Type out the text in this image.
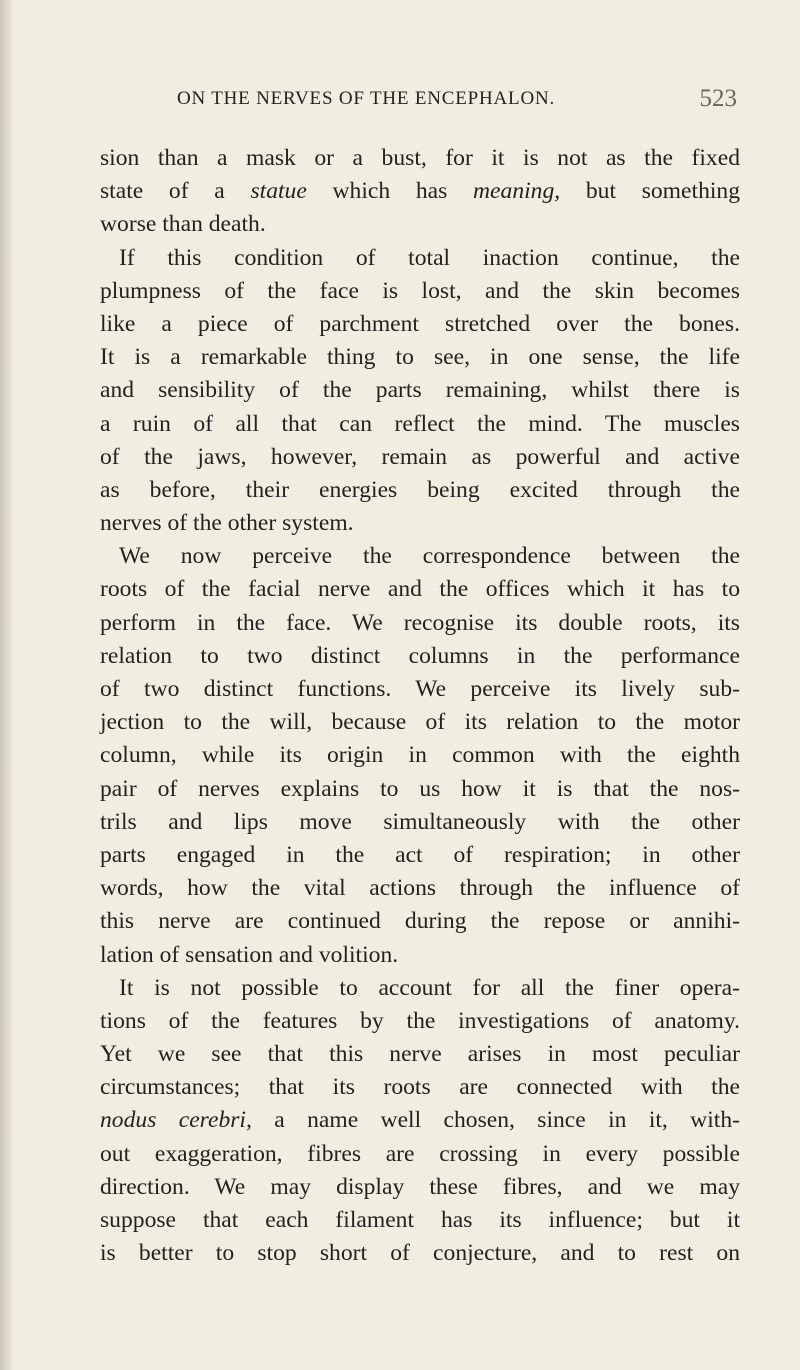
ON THE NERVES OF THE ENCEPHALON.	523
sion than a mask or a bust, for it is not as the fixed
state of a statue which has meaning, but something
worse than death.
If this condition of total inaction continue, the
plumpness of the face is lost, and the skin becomes
like a piece of parchment stretched over the bones.
It is a remarkable thing to see, in one sense, the life
and sensibility of the parts remaining, whilst there is
a ruin of all that can reflect the mind. The muscles
of the jaws, however, remain as powerful and active
as before, their energies being excited through the
nerves of the other system.
We now perceive the correspondence between the
roots of the facial nerve and the offices which it has to
perform in the face. We recognise its double roots, its
relation to two distinct columns in the performance
of two distinct functions. We perceive its lively sub-
jection to the will, because of its relation to the motor
column, while its origin in common with the eighth
pair of nerves explains to us how it is that the nos-
trils and lips move simultaneously with the other
parts engaged in the act of respiration; in other
words, how the vital actions through the influence of
this nerve are continued during the repose or annihi-
lation of sensation and volition.
It is not possible to account for all the finer opera-
tions of the features by the investigations of anatomy.
Yet we see that this nerve arises in most peculiar
circumstances; that its roots are connected with the
nodus cerebri, a name well chosen, since in it, with-
out exaggeration, fibres are crossing in every possible
direction. We may display these fibres, and we may
suppose that each filament has its influence; but it
is better to stop short of conjecture, and to rest on
